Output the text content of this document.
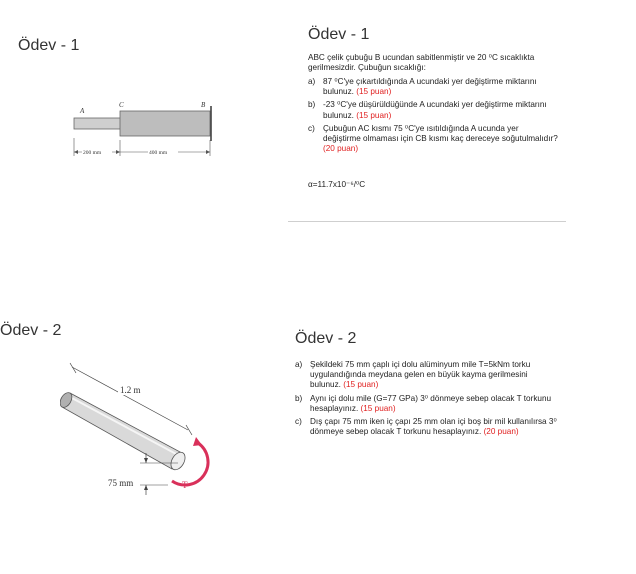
Ödev - 1
A
C	B
200 mm	400 mm
Ödev - 1
ABC çelik çubuğu B ucundan sabitlenmiştir ve 20 ⁰C sıcaklıkta gerilmesizdir. Çubuğun sıcaklığı:
a) 87 ⁰C'ye çıkartıldığında A ucundaki yer değiştirme miktarını bulunuz. (15 puan)
b) -23 ⁰C'ye düşürüldüğünde A ucundaki yer değiştirme miktarını bulunuz. (15 puan)
c) Çubuğun AC kısmı 75 ⁰C'ye ısıtıldığında A ucunda yer değiştirme olmaması için CB kısmı kaç dereceye soğutulmalıdır? (20 puan)
α=11.7x10⁻⁶/⁰C
Ödev - 2
1.2 m
T
75 mm
Ödev - 2
a) Şekildeki 75 mm çaplı içi dolu alüminyum mile T=5kNm torku uygulandığında meydana gelen en büyük kayma gerilmesini bulunuz. (15 puan)
b) Aynı içi dolu mile (G=77 GPa) 3⁰ dönmeye sebep olacak T torkunu hesaplayınız. (15 puan)
c) Dış çapı 75 mm iken iç çapı 25 mm olan içi boş bir mil kullanılırsa 3⁰ dönmeye sebep olacak T torkunu hesaplayınız. (20 puan)
